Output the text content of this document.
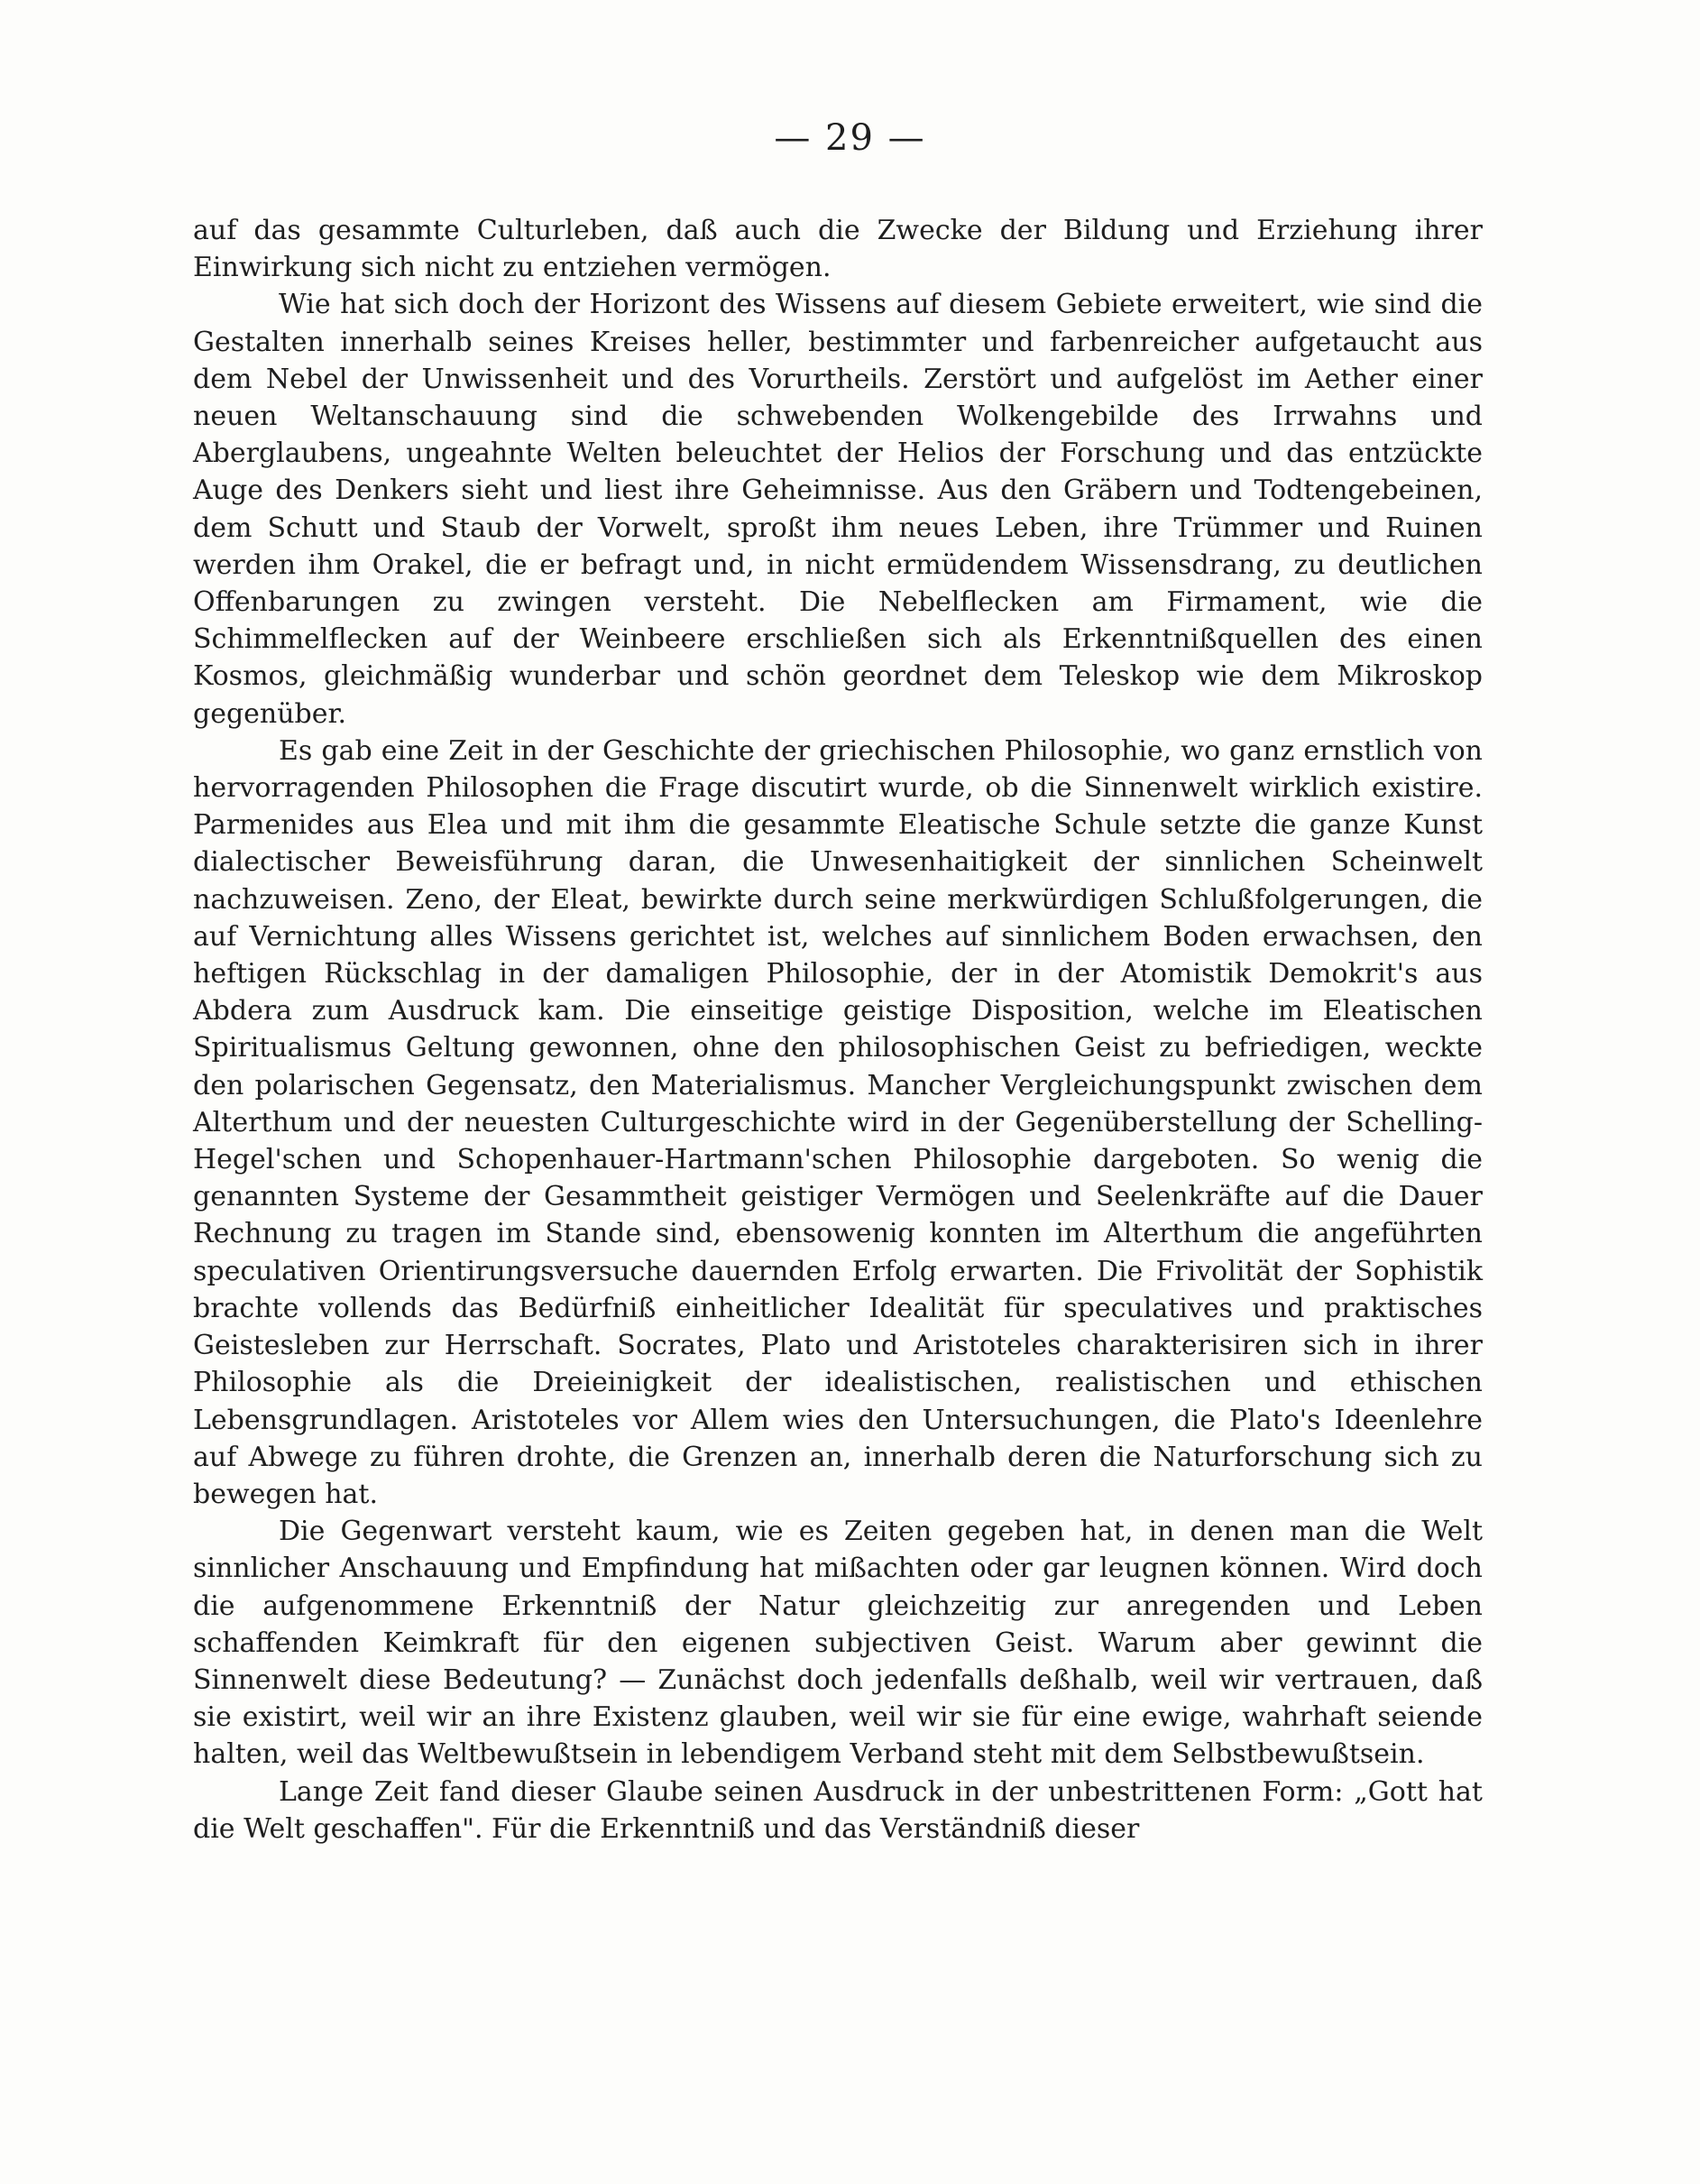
— 29 —

auf das gesammte Culturleben, daß auch die Zwecke der Bildung und Erziehung ihrer Einwirkung sich nicht zu entziehen vermögen.

Wie hat sich doch der Horizont des Wissens auf diesem Gebiete erweitert, wie sind die Gestalten innerhalb seines Kreises heller, bestimmter und farbenreicher aufgetaucht aus dem Nebel der Unwissenheit und des Vorurtheils. Zerstört und aufgelöst im Aether einer neuen Weltanschauung sind die schwebenden Wolkengebilde des Irrwahns und Aberglaubens, ungeahnte Welten beleuchtet der Helios der Forschung und das entzückte Auge des Denkers sieht und liest ihre Geheimnisse. Aus den Gräbern und Todtengebeinen, dem Schutt und Staub der Vorwelt, sproßt ihm neues Leben, ihre Trümmer und Ruinen werden ihm Orakel, die er befragt und, in nicht ermüdendem Wissensdrang, zu deutlichen Offenbarungen zu zwingen versteht. Die Nebelflecken am Firmament, wie die Schimmelflecken auf der Weinbeere erschließen sich als Erkenntnißquellen des einen Kosmos, gleichmäßig wunderbar und schön geordnet dem Teleskop wie dem Mikroskop gegenüber.

Es gab eine Zeit in der Geschichte der griechischen Philosophie, wo ganz ernstlich von hervorragenden Philosophen die Frage discutirt wurde, ob die Sinnenwelt wirklich existire. Parmenides aus Elea und mit ihm die gesammte Eleatische Schule setzte die ganze Kunst dialectischer Beweisführung daran, die Unwesenhaitigkeit der sinnlichen Scheinwelt nachzuweisen. Zeno, der Eleat, bewirkte durch seine merkwürdigen Schlußfolgerungen, die auf Vernichtung alles Wissens gerichtet ist, welches auf sinnlichem Boden erwachsen, den heftigen Rückschlag in der damaligen Philosophie, der in der Atomistik Demokrit's aus Abdera zum Ausdruck kam. Die einseitige geistige Disposition, welche im Eleatischen Spiritualismus Geltung gewonnen, ohne den philosophischen Geist zu befriedigen, weckte den polarischen Gegensatz, den Materialismus. Mancher Vergleichungspunkt zwischen dem Alterthum und der neuesten Culturgeschichte wird in der Gegenüberstellung der Schelling-Hegel'schen und Schopenhauer-Hartmann'schen Philosophie dargeboten. So wenig die genannten Systeme der Gesammtheit geistiger Vermögen und Seelenkräfte auf die Dauer Rechnung zu tragen im Stande sind, ebensowenig konnten im Alterthum die angeführten speculativen Orientirungsversuche dauernden Erfolg erwarten. Die Frivolität der Sophistik brachte vollends das Bedürfniß einheitlicher Idealität für speculatives und praktisches Geistesleben zur Herrschaft. Socrates, Plato und Aristoteles charakterisiren sich in ihrer Philosophie als die Dreieinigkeit der idealistischen, realistischen und ethischen Lebensgrundlagen. Aristoteles vor Allem wies den Untersuchungen, die Plato's Ideenlehre auf Abwege zu führen drohte, die Grenzen an, innerhalb deren die Naturforschung sich zu bewegen hat.

Die Gegenwart versteht kaum, wie es Zeiten gegeben hat, in denen man die Welt sinnlicher Anschauung und Empfindung hat mißachten oder gar leugnen können. Wird doch die aufgenommene Erkenntniß der Natur gleichzeitig zur anregenden und Leben schaffenden Keimkraft für den eigenen subjectiven Geist. Warum aber gewinnt die Sinnenwelt diese Bedeutung? — Zunächst doch jedenfalls deßhalb, weil wir vertrauen, daß sie existirt, weil wir an ihre Existenz glauben, weil wir sie für eine ewige, wahrhaft seiende halten, weil das Weltbewußtsein in lebendigem Verband steht mit dem Selbstbewußtsein.

Lange Zeit fand dieser Glaube seinen Ausdruck in der unbestrittenen Form: „Gott hat die Welt geschaffen". Für die Erkenntniß und das Verständniß dieser
